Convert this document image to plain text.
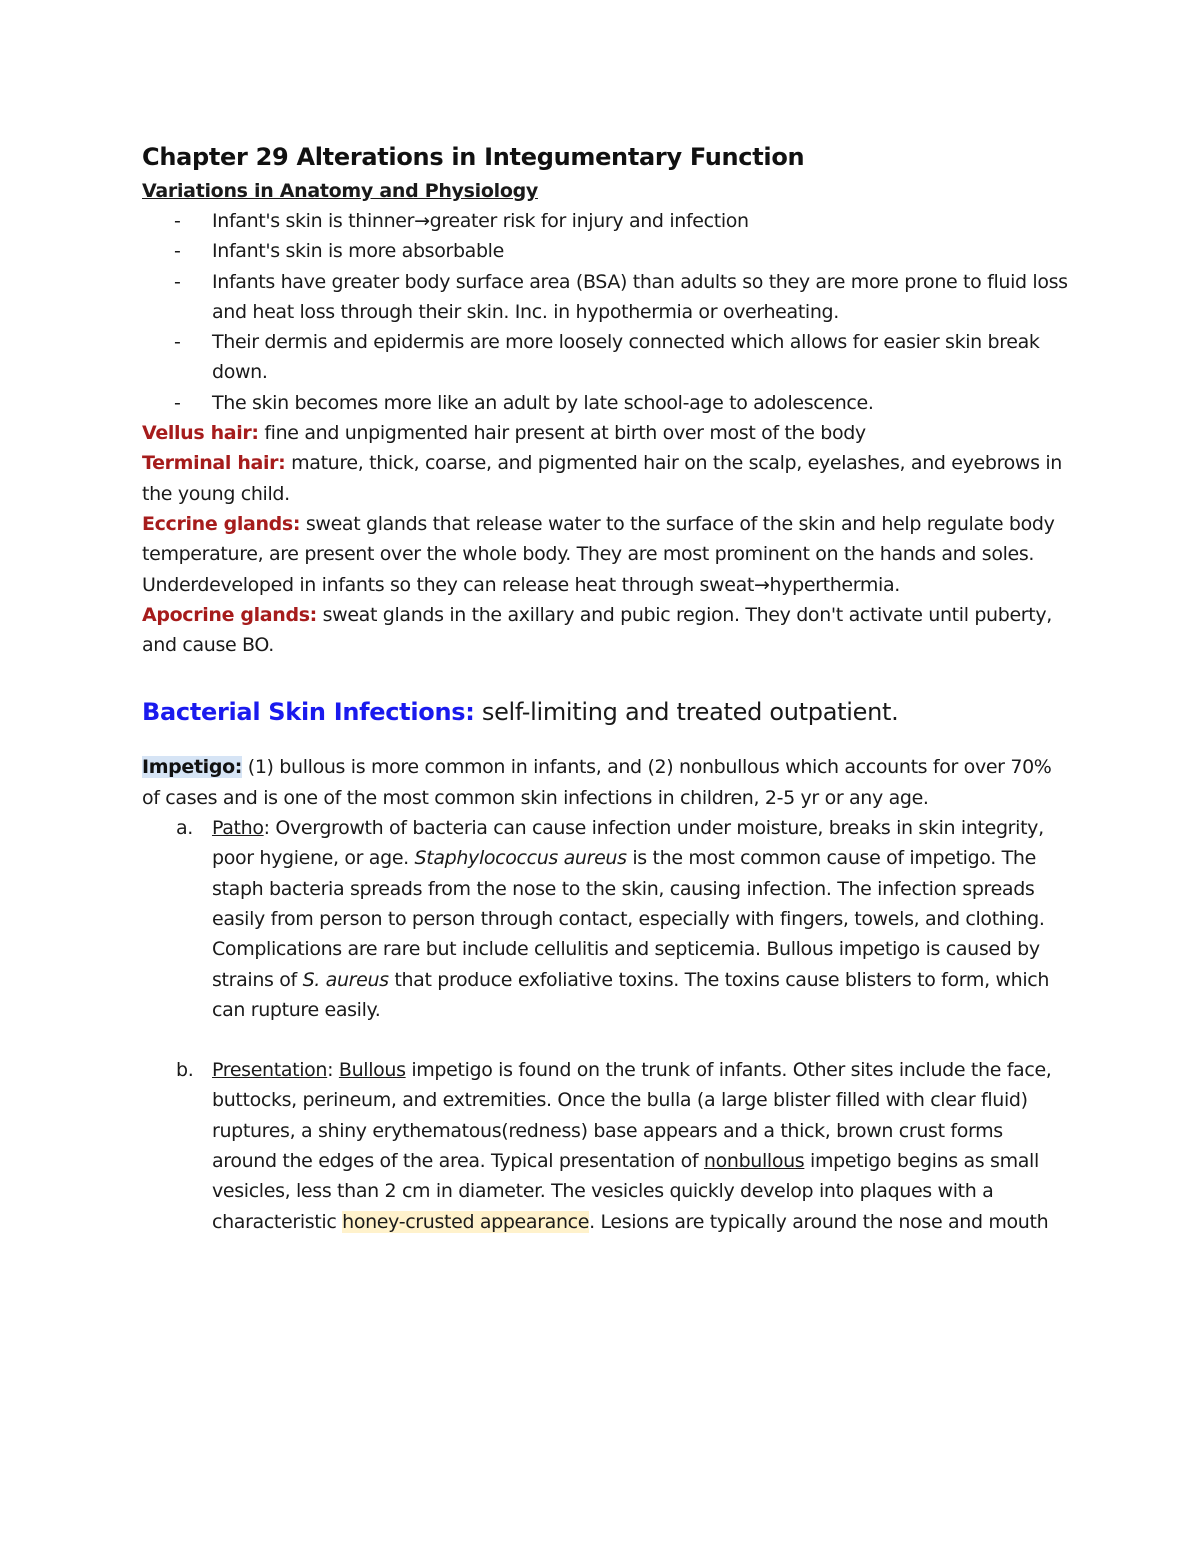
Chapter 29 Alterations in Integumentary Function
Variations in Anatomy and Physiology
- Infant's skin is thinner→greater risk for injury and infection
- Infant's skin is more absorbable
- Infants have greater body surface area (BSA) than adults so they are more prone to fluid loss and heat loss through their skin. Inc. in hypothermia or overheating.
- Their dermis and epidermis are more loosely connected which allows for easier skin break down.
- The skin becomes more like an adult by late school-age to adolescence.

Vellus hair: fine and unpigmented hair present at birth over most of the body

Terminal hair: mature, thick, coarse, and pigmented hair on the scalp, eyelashes, and eyebrows in the young child.

Eccrine glands: sweat glands that release water to the surface of the skin and help regulate body temperature, are present over the whole body. They are most prominent on the hands and soles. Underdeveloped in infants so they can release heat through sweat→hyperthermia.

Apocrine glands: sweat glands in the axillary and pubic region. They don't activate until puberty, and cause BO.

Bacterial Skin Infections: self-limiting and treated outpatient.

Impetigo: (1) bullous is more common in infants, and (2) nonbullous which accounts for over 70% of cases and is one of the most common skin infections in children, 2-5 yr or any age.

a. Patho: Overgrowth of bacteria can cause infection under moisture, breaks in skin integrity, poor hygiene, or age. Staphylococcus aureus is the most common cause of impetigo. The staph bacteria spreads from the nose to the skin, causing infection. The infection spreads easily from person to person through contact, especially with fingers, towels, and clothing. Complications are rare but include cellulitis and septicemia. Bullous impetigo is caused by strains of S. aureus that produce exfoliative toxins. The toxins cause blisters to form, which can rupture easily.
b. Presentation: Bullous impetigo is found on the trunk of infants. Other sites include the face, buttocks, perineum, and extremities. Once the bulla (a large blister filled with clear fluid) ruptures, a shiny erythematous(redness) base appears and a thick, brown crust forms around the edges of the area. Typical presentation of nonbullous impetigo begins as small vesicles, less than 2 cm in diameter. The vesicles quickly develop into plaques with a characteristic honey-crusted appearance. Lesions are typically around the nose and mouth
